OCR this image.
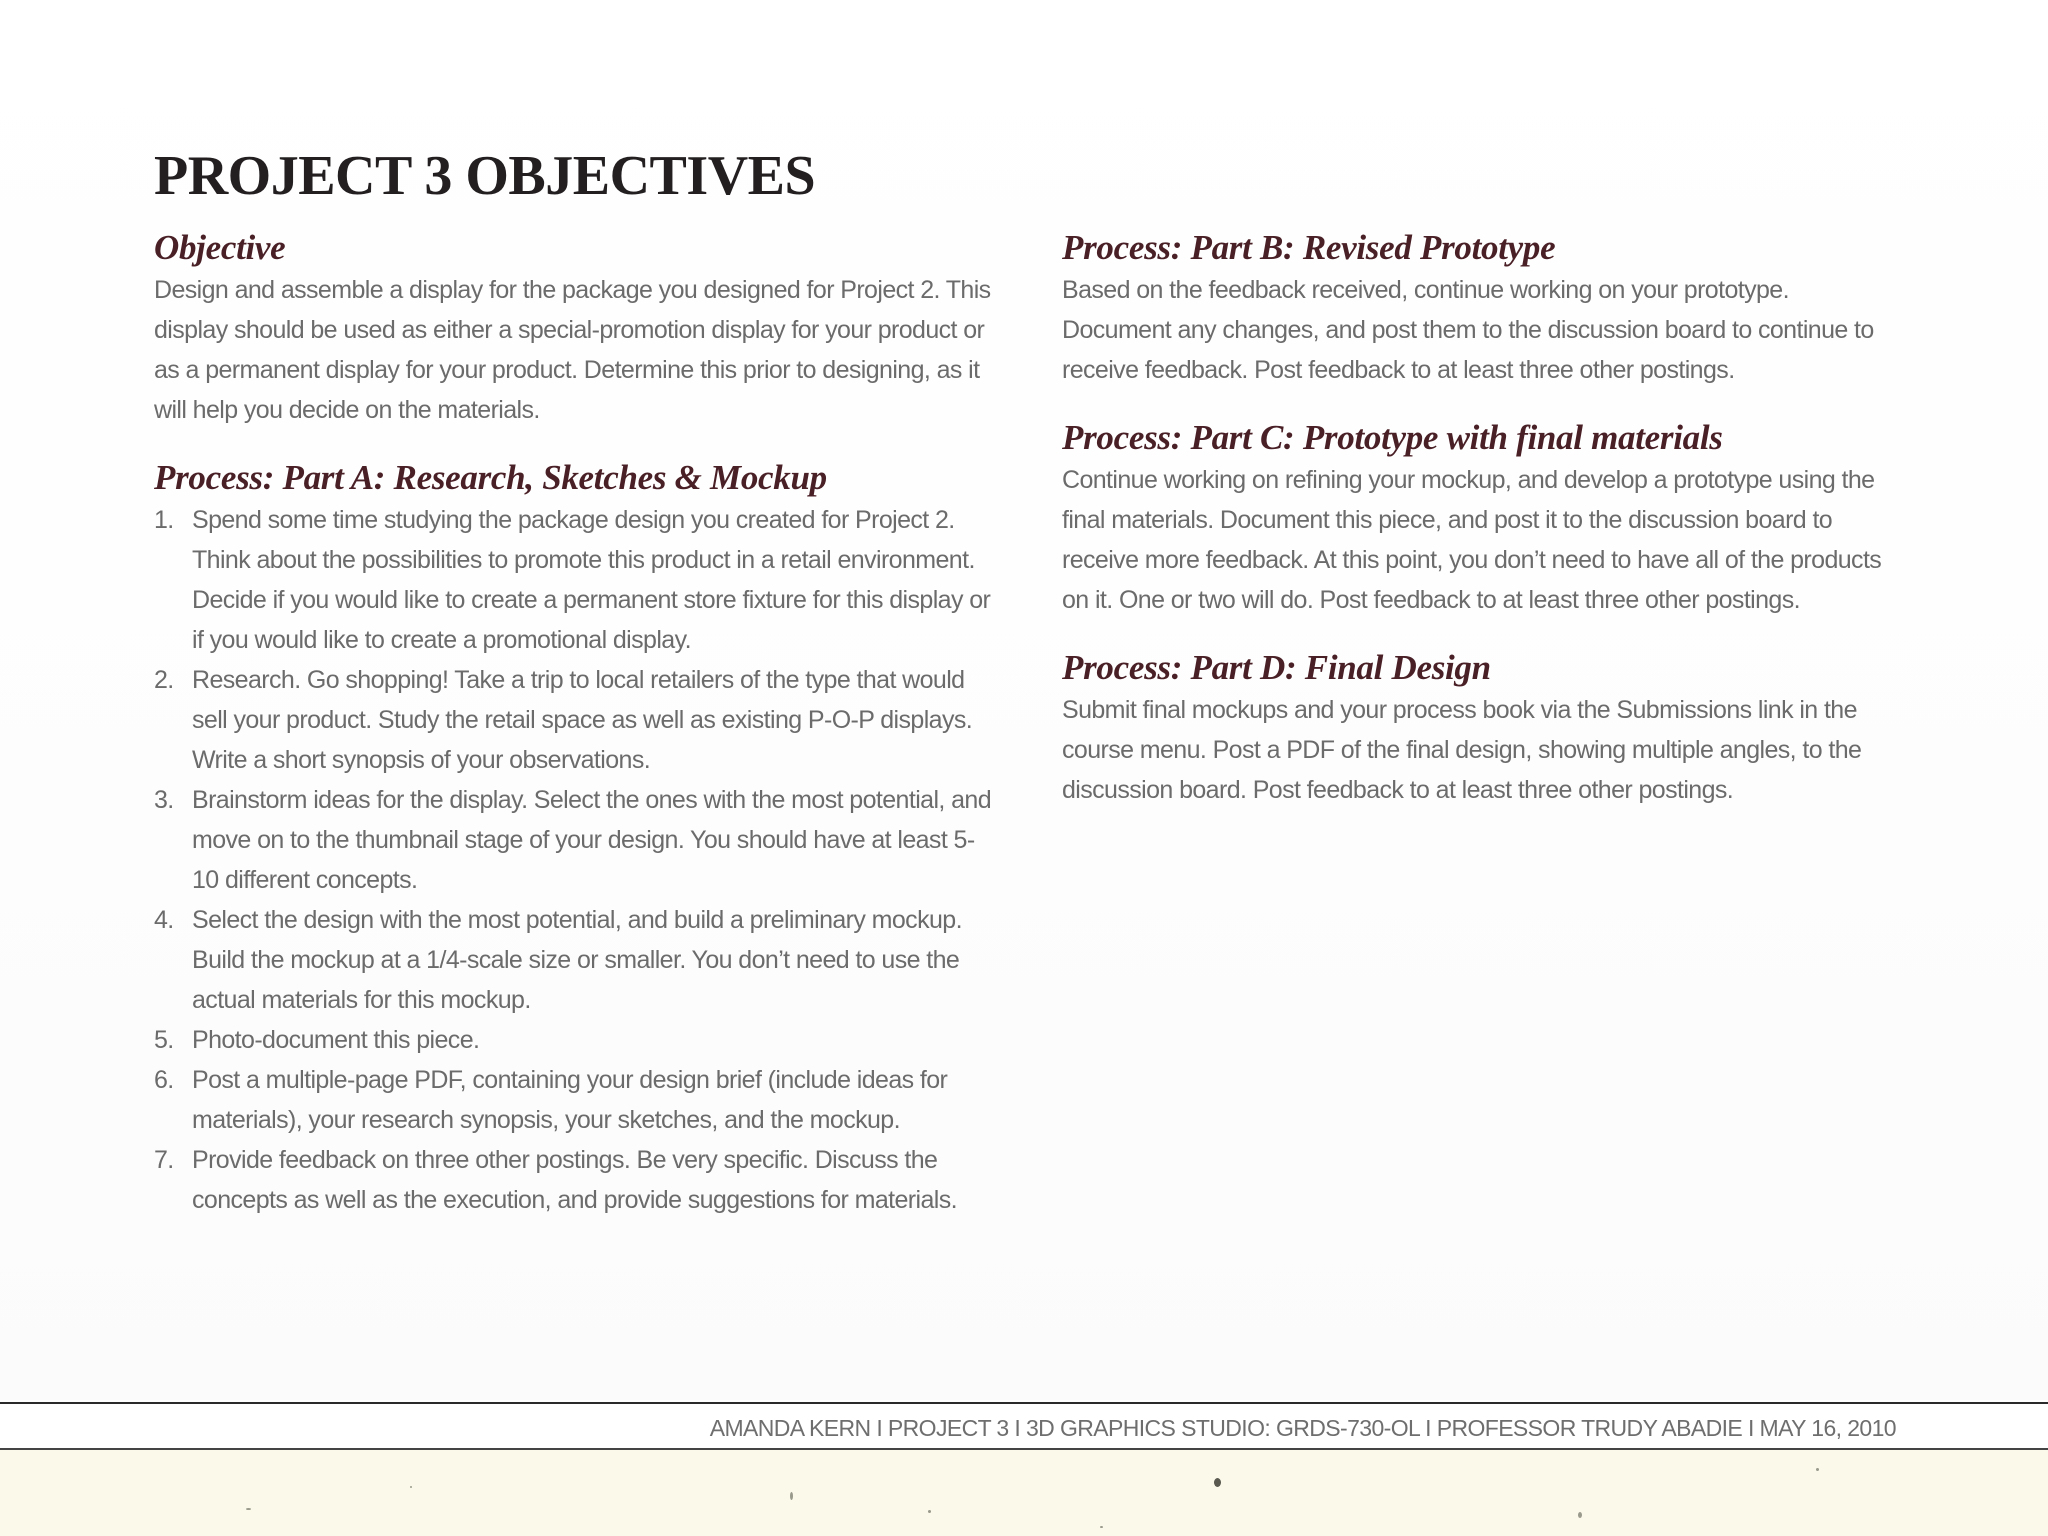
PROJECT 3 OBJECTIVES
Objective

Design and assemble a display for the package you designed for Project 2. This display should be used as either a special-promotion display for your product or as a permanent display for your product. Determine this prior to designing, as it will help you decide on the materials.

Process: Part A: Research, Sketches & Mockup
1. Spend some time studying the package design you created for Project 2. Think about the possibilities to promote this product in a retail environment. Decide if you would like to create a permanent store fixture for this display or if you would like to create a promotional display.
2. Research. Go shopping! Take a trip to local retailers of the type that would sell your product. Study the retail space as well as existing P-O-P displays. Write a short synopsis of your observations.
3. Brainstorm ideas for the display. Select the ones with the most potential, and move on to the thumbnail stage of your design. You should have at least 5-10 different concepts.
4. Select the design with the most potential, and build a preliminary mockup. Build the mockup at a 1/4-scale size or smaller. You don’t need to use the actual materials for this mockup.
5. Photo-document this piece.
6. Post a multiple-page PDF, containing your design brief (include ideas for materials), your research synopsis, your sketches, and the mockup.
7. Provide feedback on three other postings. Be very specific. Discuss the concepts as well as the execution, and provide suggestions for materials.
Process: Part B: Revised Prototype

Based on the feedback received, continue working on your prototype. Document any changes, and post them to the discussion board to continue to receive feedback. Post feedback to at least three other postings.

Process: Part C: Prototype with final materials

Continue working on refining your mockup, and develop a prototype using the final materials. Document this piece, and post it to the discussion board to receive more feedback. At this point, you don’t need to have all of the products on it. One or two will do. Post feedback to at least three other postings.

Process: Part D: Final Design

Submit final mockups and your process book via the Submissions link in the course menu. Post a PDF of the final design, showing multiple angles, to the discussion board. Post feedback to at least three other postings.

AMANDA KERN I PROJECT 3 I 3D GRAPHICS STUDIO: GRDS-730-OL I PROFESSOR TRUDY ABADIE I MAY 16, 2010
